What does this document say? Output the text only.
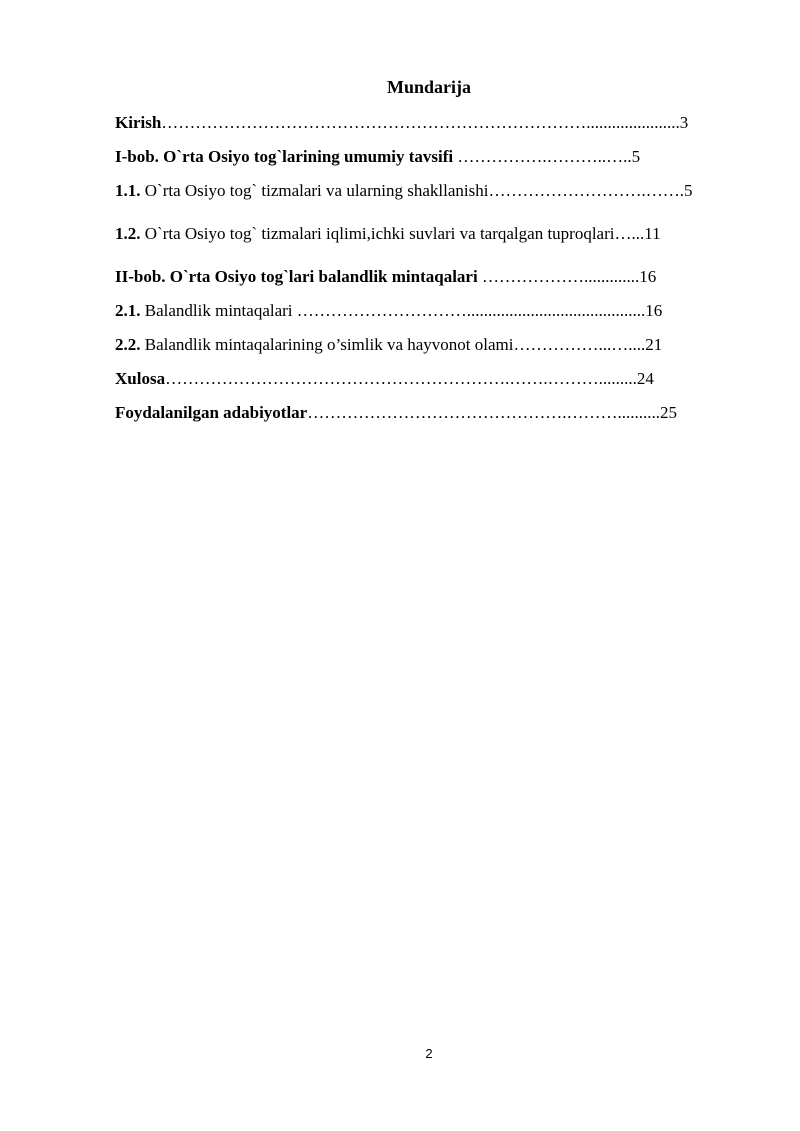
Mundarija
Kirish…………………………………………………………………......................3
I-bob. O`rta Osiyo tog`larining umumiy tavsifi …………….………..…..5
1.1. O`rta Osiyo tog` tizmalari va ularning shakllanishi……………………….…….5
1.2. O`rta Osiyo tog` tizmalari iqlimi,ichki suvlari va tarqalgan tuproqlari…...11
II-bob. O`rta Osiyo tog`lari balandlik mintaqalari ……………….............16
2.1. Balandlik mintaqalari …………………………..........................................16
2.2. Balandlik mintaqalarining o’simlik va hayvonot olami……………...…....21
Xulosa…………………………………………………….…….……….........24
Foydalanilgan adabiyotlar……………………………………….………..........25
2
